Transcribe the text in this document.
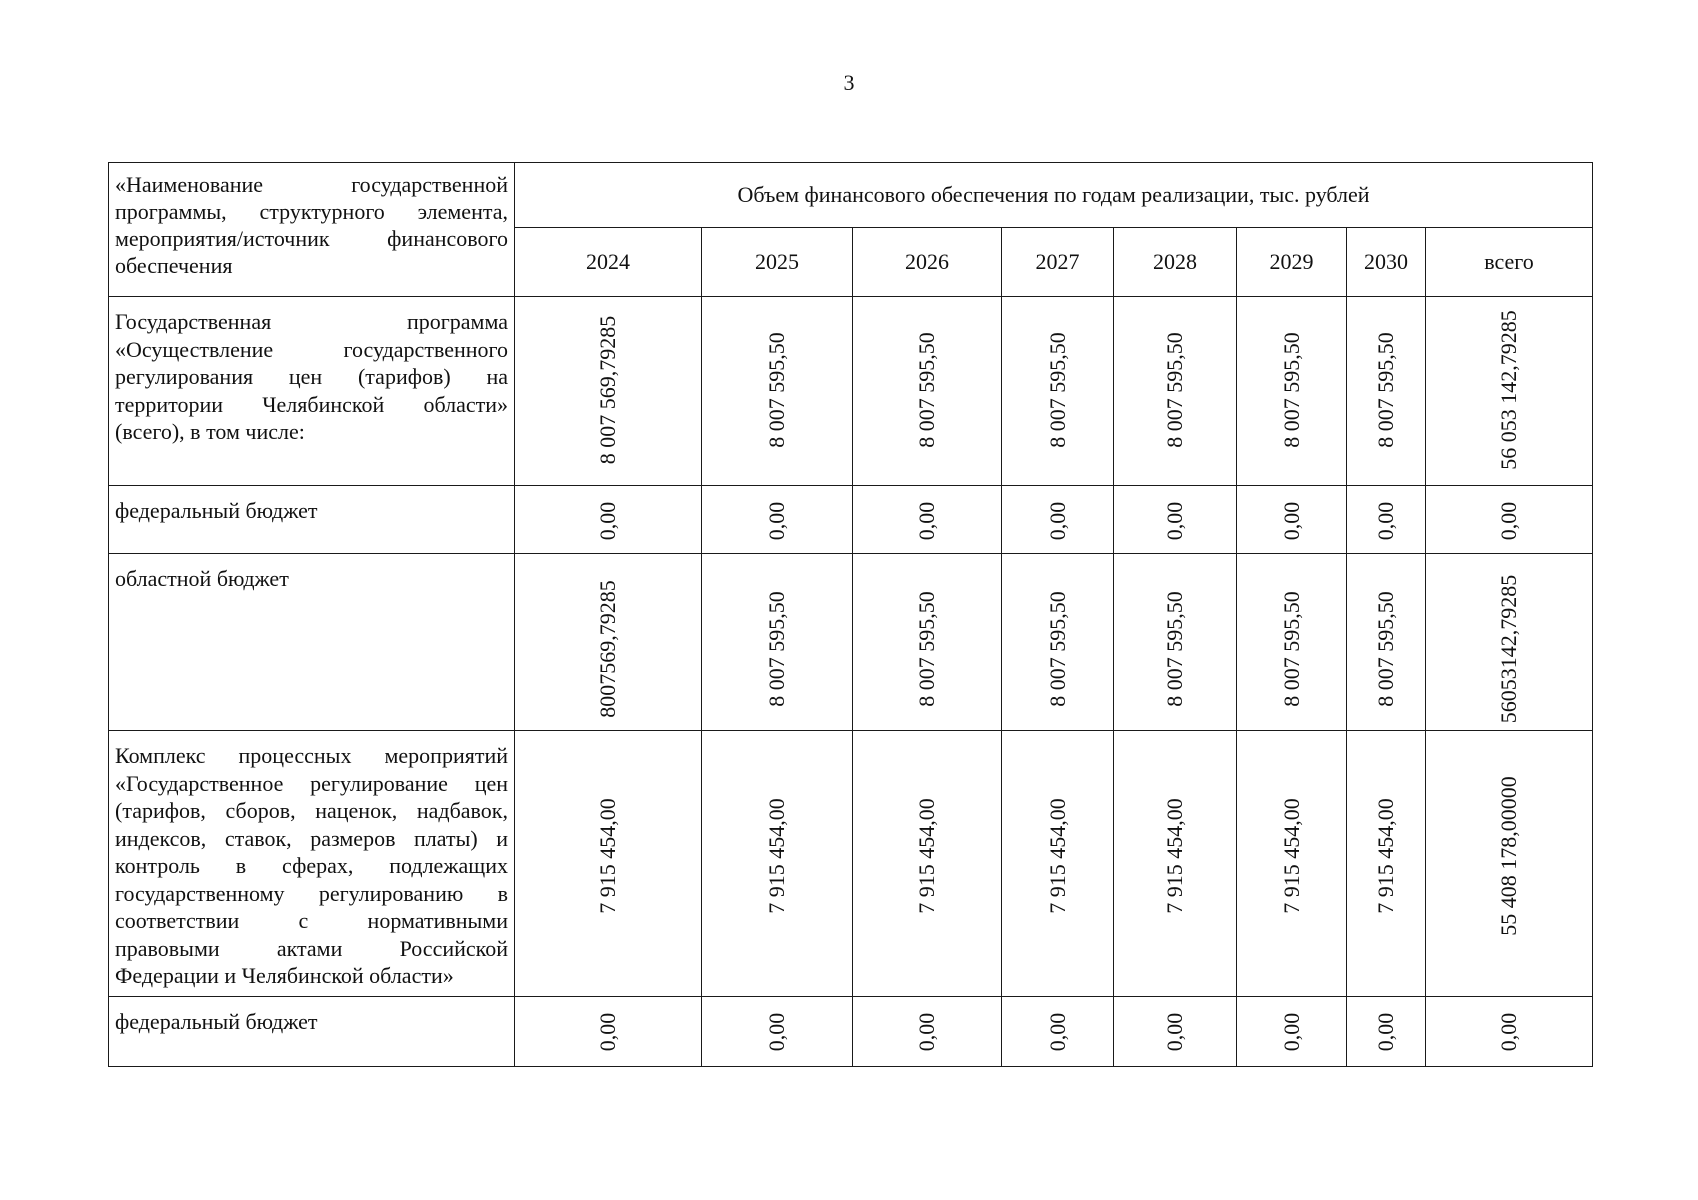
3
«Наименование государственной программы, структурного элемента, мероприятия/источник финансового обеспечения	Объем финансового обеспечения по годам реализации, тыс. рублей							
	2024	2025	2026	2027	2028	2029	2030	всего
Государственная программа «Осуществление государственного регулирования цен (тарифов) на территории Челябинской области» (всего), в том числе:	8 007 569,79285	8 007 595,50	8 007 595,50	8 007 595,50	8 007 595,50	8 007 595,50	8 007 595,50	56 053 142,79285

федеральный бюджет	0,00	0,00	0,00	0,00	0,00	0,00	0,00	0,00

областной бюджет	8007569,79285	8 007 595,50	8 007 595,50	8 007 595,50	8 007 595,50	8 007 595,50	8 007 595,50	56053142,79285

Комплекс процессных мероприятий «Государственное регулирование цен (тарифов, сборов, наценок, надбавок, индексов, ставок, размеров платы) и контроль в сферах, подлежащих государственному регулированию в соответствии с нормативными правовыми актами Российской Федерации и Челябинской области»	7 915 454,00	7 915 454,00	7 915 454,00	7 915 454,00	7 915 454,00	7 915 454,00	7 915 454,00	55 408 178,00000

федеральный бюджет	0,00	0,00	0,00	0,00	0,00	0,00	0,00	0,00
